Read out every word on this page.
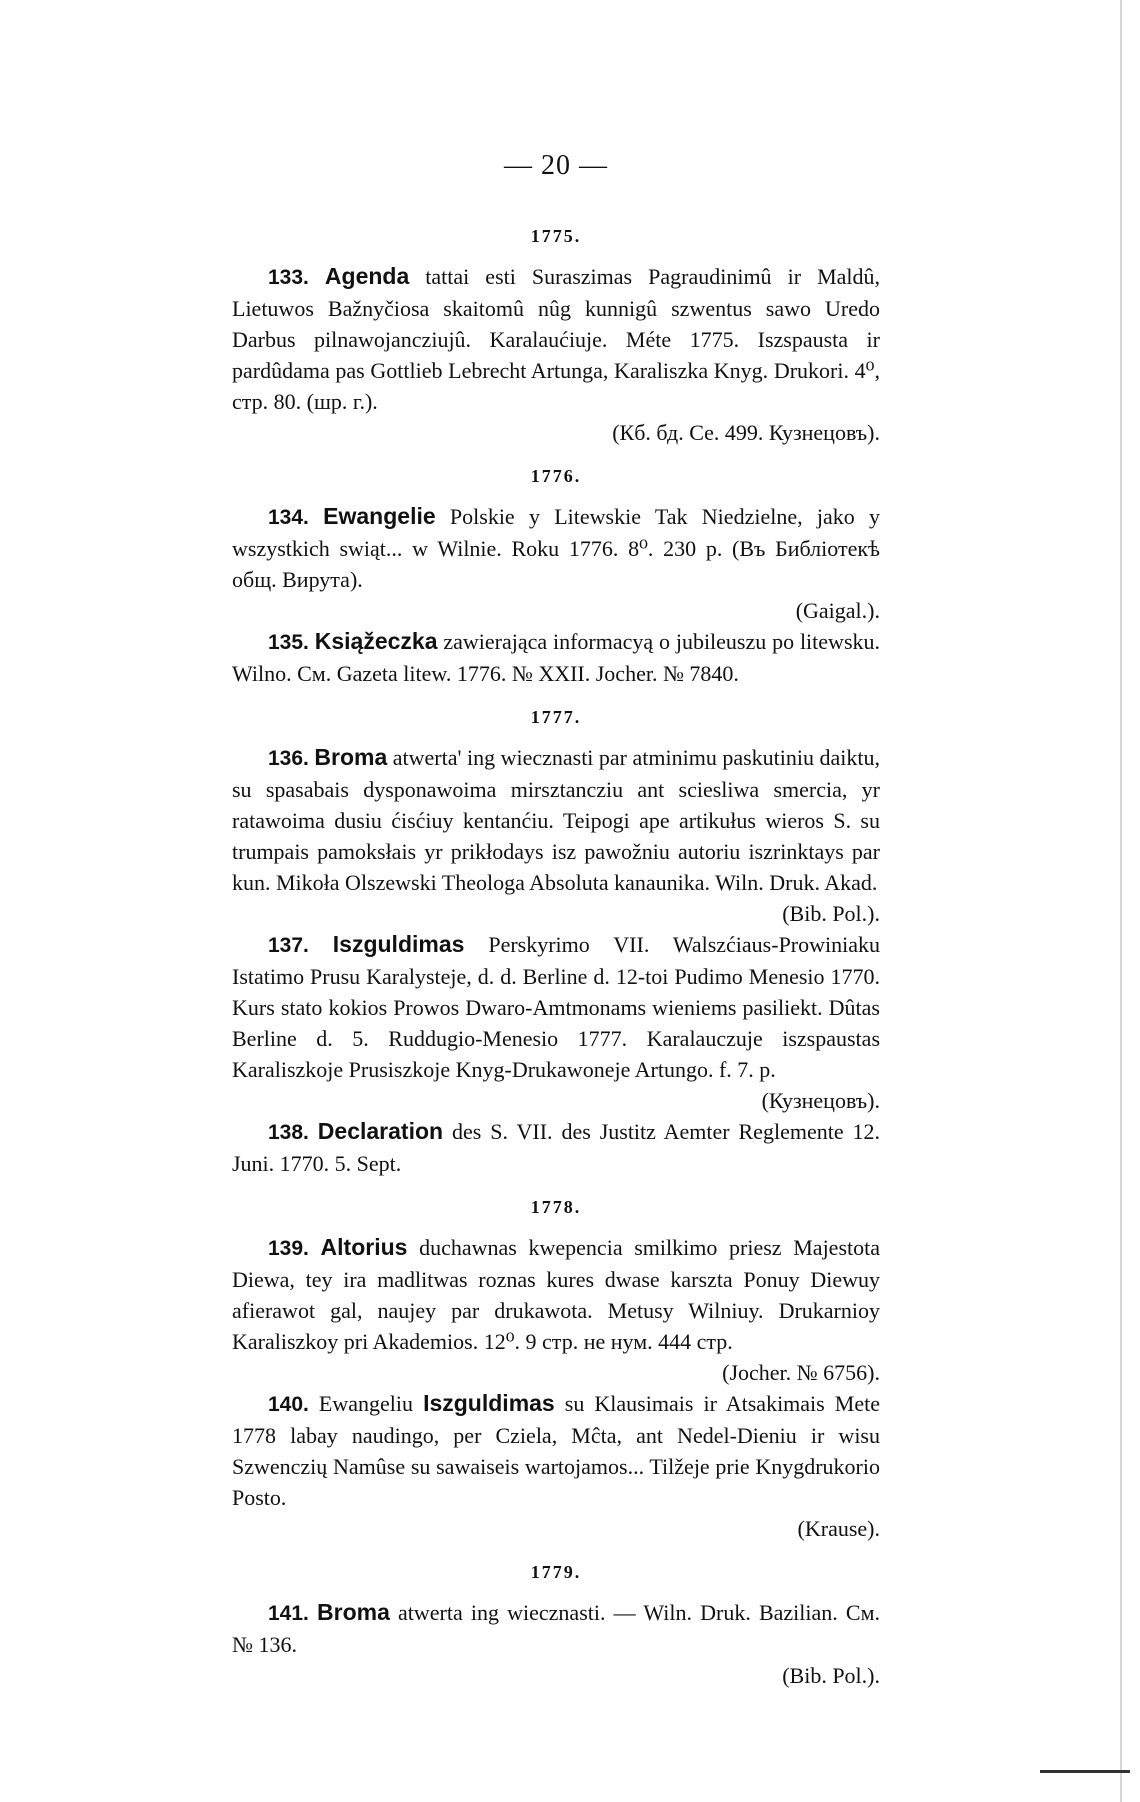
— 20 —
1775.

133. Agenda tattai esti Suraszimas Pagraudinimû ir Maldû, Lietuwos Bažnyčiosa skaitomû nûg kunnigû szwentus sawo Uredo Darbus pilnawojancziujû. Karalaućiuje. Méte 1775. Iszspausta ir pardûdama pas Gottlieb Lebrecht Artunga, Karaliszka Knyg. Drukori. 4⁰, стр. 80. (шр. г.).
(Кб. бд. Се. 499. Кузнецовъ).

1776.

134. Ewangelie Polskie y Litewskie Tak Niedzielne, jako y wszystkich swiąt... w Wilnie. Roku 1776. 8⁰. 230 p. (Въ Библіотекѣ общ. Вирута).
(Gaigal.).

135. Ksiąžeczka zawierająca informacyą o jubileuszu po litewsku. Wilno. См. Gazeta litew. 1776. № XXII. Jocher. № 7840.

1777.

136. Broma atwerta' ing wiecznasti par atminimu paskutiniu daiktu, su spasabais dysponawoima mirsztancziu ant sciesliwa smercia, yr ratawoima dusiu ćisćiuy kentanćiu. Teipogi ape artikułus wieros S. su trumpais pamoksłais yr prikłodays isz pawožniu autoriu iszrinktays par kun. Mikoła Olszewski Theologa Absoluta kanaunika. Wiln. Druk. Akad.
(Bib. Pol.).

137. Iszguldimas Perskyrimo VII. Walszćiaus-Prowiniaku Istatimo Prusu Karalysteje, d. d. Berline d. 12-toi Pudimo Menesio 1770. Kurs stato kokios Prowos Dwaro-Amtmonams wieniems pasiliekt. Dûtas Berline d. 5. Ruddugio-Menesio 1777. Karalauczuje iszspaustas Karaliszkoje Prusiszkoje Knyg-Drukawoneje Artungo. f. 7. p.
(Кузнецовъ).

138. Declaration des S. VII. des Justitz Aemter Reglemente 12. Juni. 1770. 5. Sept.

1778.

139. Altorius duchawnas kwepencia smilkimo priesz Majestota Diewa, tey ira madlitwas roznas kures dwase karszta Ponuy Diewuy afierawot gal, naujey par drukawota. Metusy Wilniuy. Drukarnioy Karaliszkoy pri Akademios. 12⁰. 9 стр. не нум. 444 стр.
(Jocher. № 6756).

140. Ewangeliu Iszguldimas su Klausimais ir Atsakimais Mete 1778 labay naudingo, per Cziela, Mĉta, ant Nedel-Dieniu ir wisu Szwenczių Namûse su sawaiseis wartojamos... Tilžeje prie Knygdrukorio Posto.
(Krause).

1779.

141. Broma atwerta ing wiecznasti. — Wiln. Druk. Bazilian. См. № 136.
(Bib. Pol.).
